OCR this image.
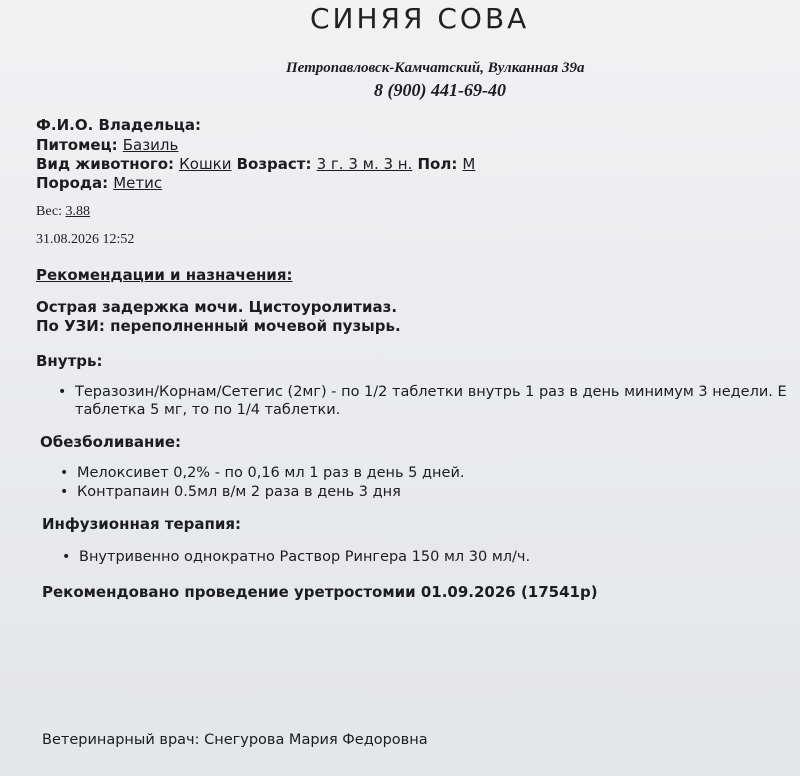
СИНЯЯ СОВА
Петропавловск-Камчатский, Вулканная 39а
8 (900) 441-69-40
Ф.И.О. Владельца:
Питомец: Базиль
Вид животного: Кошки Возраст: 3 г. 3 м. 3 н. Пол: М
Порода: Метис
Вес: 3.88
31.08.2026 12:52
Рекомендации и назначения:
Острая задержка мочи. Цистоуролитиаз.
По УЗИ: переполненный мочевой пузырь.
Внутрь:
• Теразозин/Корнам/Сетегис (2мг) - по 1/2 таблетки внутрь 1 раз в день минимум 3 недели. Е
таблетка 5 мг, то по 1/4 таблетки.
Обезболивание:
• Мелоксивет 0,2% - по 0,16 мл 1 раз в день 5 дней.
• Контрапаин 0.5мл в/м 2 раза в день 3 дня
Инфузионная терапия:
• Внутривенно однократно Раствор Рингера 150 мл 30 мл/ч.
Рекомендовано проведение уретростомии 01.09.2026 (17541р)
Ветеринарный врач: Снегурова Мария Федоровна
